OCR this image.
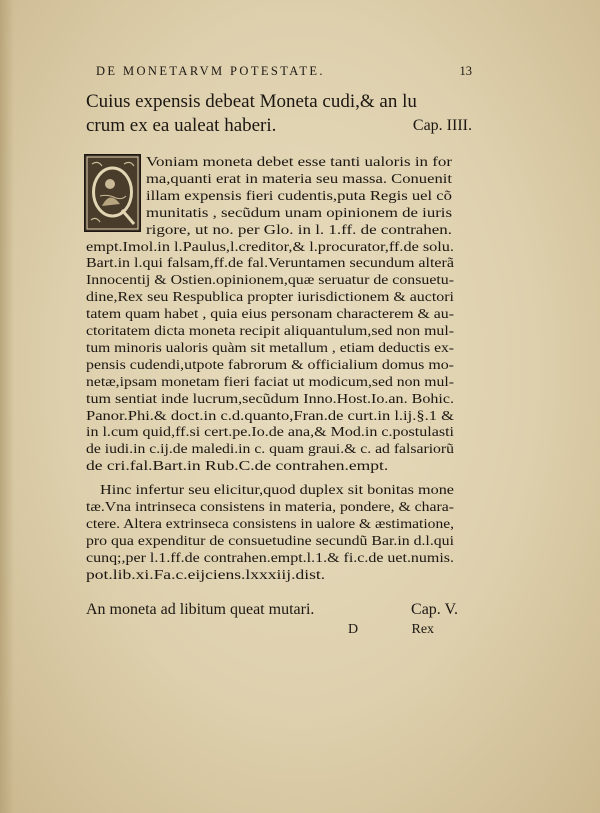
DE MONETARVM POTESTATE.	13
Cuius expensis debeat Moneta cudi,& an lu
crum ex ea ualeat haberi.	Cap. IIII.
Voniam moneta debet esse tanti ualoris in for
ma,quanti erat in materia seu massa. Conuenit
illam expensis fieri cudentis,puta Regis uel cõ
munitatis , secũdum unam opinionem de iuris
rigore, ut no. per Glo. in l. 1.ff. de contrahen.
empt.Imol.in l.Paulus,l.creditor,& l.procurator,ff.de solu.
Bart.in l.qui falsam,ff.de fal.Veruntamen secundum alterã
Innocentij & Ostien.opinionem,quæ seruatur de consuetu-
dine,Rex seu Respublica propter iurisdictionem & auctori
tatem quam habet , quia eius personam characterem & au-
ctoritatem dicta moneta recipit aliquantulum,sed non mul-
tum minoris ualoris quàm sit metallum , etiam deductis ex-
pensis cudendi,utpote fabrorum & officialium domus mo-
netæ,ipsam monetam fieri faciat ut modicum,sed non mul-
tum sentiat inde lucrum,secũdum Inno.Host.Io.an. Bohic.
Panor.Phi.& doct.in c.d.quanto,Fran.de curt.in l.ij.§.1 &
in l.cum quid,ff.si cert.pe.Io.de ana,& Mod.in c.postulasti
de iudi.in c.ij.de maledi.in c. quam graui.& c. ad falsariorũ
de cri.fal.Bart.in Rub.C.de contrahen.empt.
Hinc infertur seu elicitur,quod duplex sit bonitas mone
tæ.Vna intrinseca consistens in materia, pondere, & chara-
ctere. Altera extrinseca consistens in ualore & æstimatione,
pro qua expenditur de consuetudine secundũ Bar.in d.l.qui
cunq;,per l.1.ff.de contrahen.empt.l.1.& fi.c.de uet.numis.
pot.lib.xi.Fa.c.eijciens.lxxxiij.dist.
An moneta ad libitum queat mutari.	Cap. V.
D	Rex
